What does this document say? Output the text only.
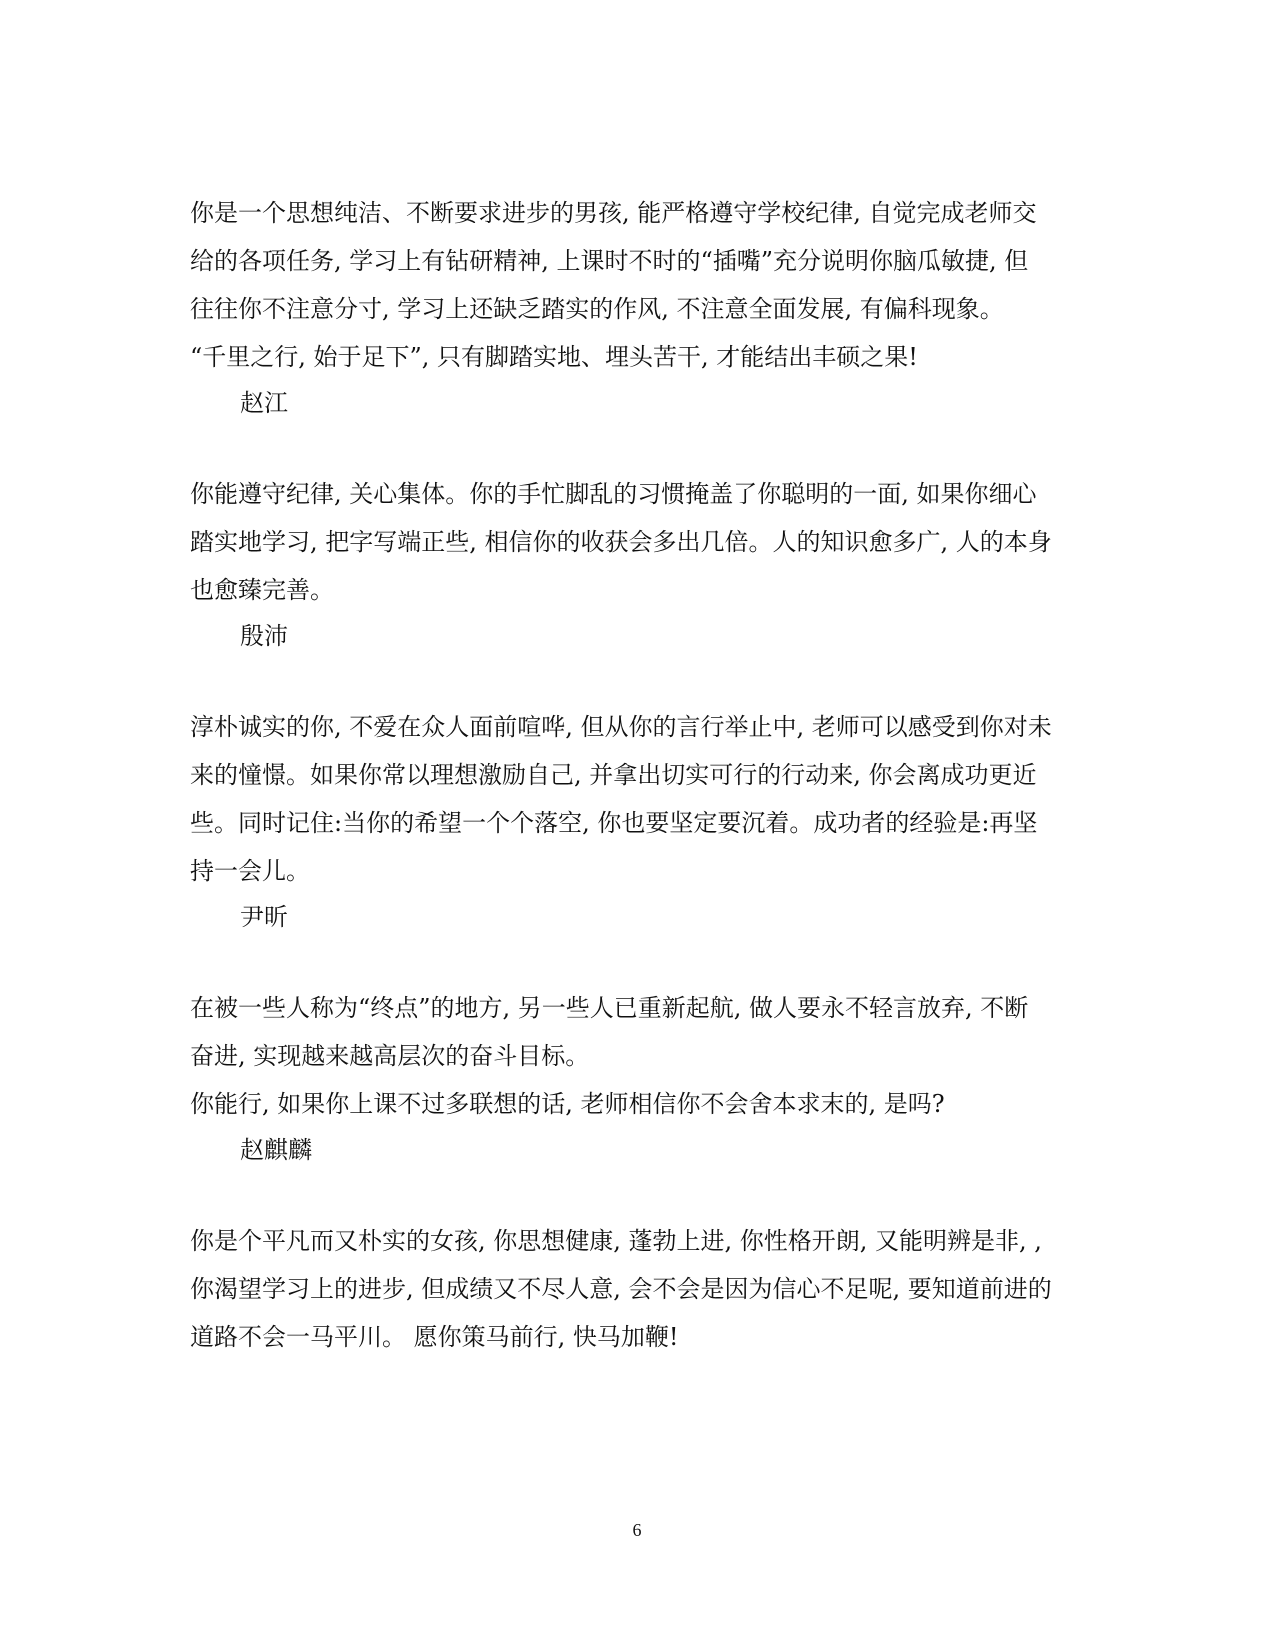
你是一个思想纯洁、不断要求进步的男孩, 能严格遵守学校纪律, 自觉完成老师交
给的各项任务, 学习上有钻研精神, 上课时不时的“插嘴”充分说明你脑瓜敏捷, 但
往往你不注意分寸, 学习上还缺乏踏实的作风, 不注意全面发展, 有偏科现象。
“千里之行, 始于足下”, 只有脚踏实地、埋头苦干, 才能结出丰硕之果!
赵江
你能遵守纪律, 关心集体。你的手忙脚乱的习惯掩盖了你聪明的一面, 如果你细心
踏实地学习, 把字写端正些, 相信你的收获会多出几倍。人的知识愈多广, 人的本身
也愈臻完善。
殷沛
淳朴诚实的你, 不爱在众人面前喧哗, 但从你的言行举止中, 老师可以感受到你对未
来的憧憬。如果你常以理想激励自己, 并拿出切实可行的行动来, 你会离成功更近
些。同时记住:当你的希望一个个落空, 你也要坚定要沉着。成功者的经验是:再坚
持一会儿。
尹昕
在被一些人称为“终点”的地方, 另一些人已重新起航, 做人要永不轻言放弃, 不断
奋进, 实现越来越高层次的奋斗目标。
你能行, 如果你上课不过多联想的话, 老师相信你不会舍本求末的, 是吗?
赵麒麟
你是个平凡而又朴实的女孩, 你思想健康, 蓬勃上进, 你性格开朗, 又能明辨是非, ,
你渴望学习上的进步, 但成绩又不尽人意, 会不会是因为信心不足呢, 要知道前进的
道路不会一马平川。 愿你策马前行, 快马加鞭!
6
